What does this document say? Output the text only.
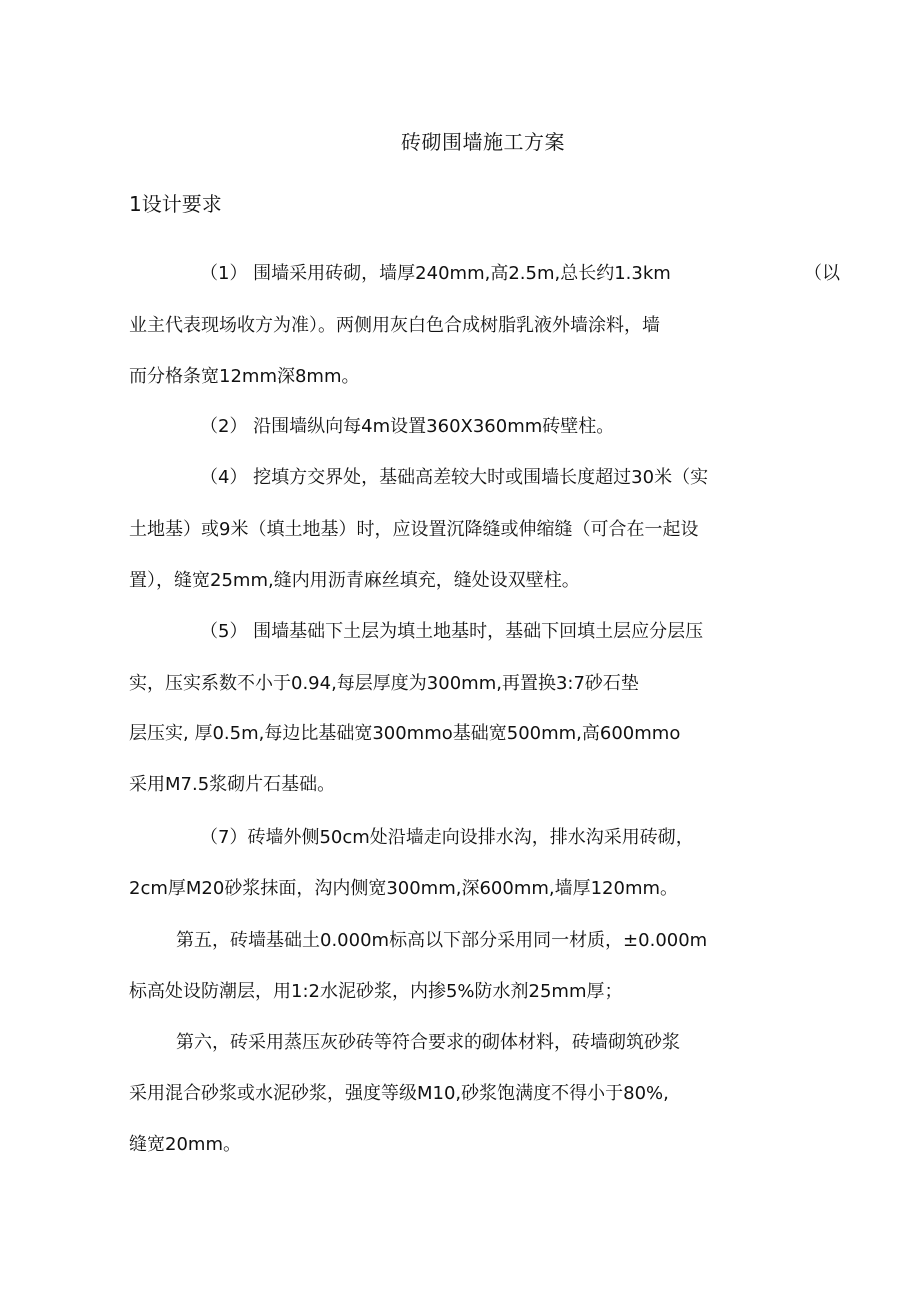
砖砌围墙施工方案
1设计要求
（1） 围墙采用砖砌，墙厚240mm,高2.5m,总长约1.3km	（以
业主代表现场收方为准）。两侧用灰白色合成树脂乳液外墙涂料，墙
而分格条宽12mm深8mm。
（2） 沿围墙纵向每4m设置360X360mm砖壁柱。
（4） 挖填方交界处，基础高差较大时或围墙长度超过30米（实
土地基）或9米（填土地基）时，应设置沉降缝或伸缩缝（可合在一起设
置），缝宽25mm,缝内用沥青麻丝填充，缝处设双壁柱。
（5） 围墙基础下土层为填土地基时，基础下回填土层应分层压
实，压实系数不小于0.94,每层厚度为300mm,再置换3:7砂石垫
层压实, 厚0.5m,每边比基础宽300mmo基础宽500mm,高600mmo
采用M7.5浆砌片石基础。
（7）砖墙外侧50cm处沿墙走向设排水沟，排水沟采用砖砌，
2cm厚M20砂浆抹面，沟内侧宽300mm,深600mm,墙厚120mm。
第五，砖墙基础土0.000m标高以下部分采用同一材质，±0.000m
标高处设防潮层，用1:2水泥砂浆，内掺5%防水剂25mm厚；
第六，砖采用蒸压灰砂砖等符合要求的砌体材料，砖墙砌筑砂浆
采用混合砂浆或水泥砂浆，强度等级M10,砂浆饱满度不得小于80%,
缝宽20mm。
